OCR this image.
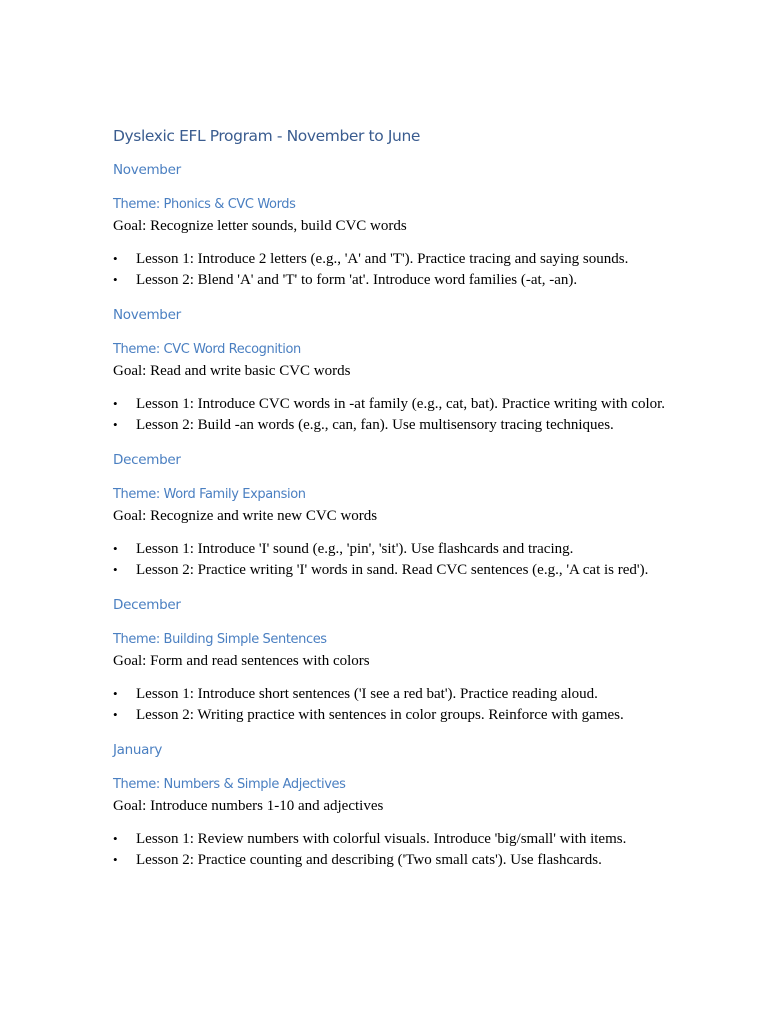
Dyslexic EFL Program - November to June
November
Theme: Phonics & CVC Words
Goal: Recognize letter sounds, build CVC words
• Lesson 1: Introduce 2 letters (e.g., 'A' and 'T'). Practice tracing and saying sounds.
• Lesson 2: Blend 'A' and 'T' to form 'at'. Introduce word families (-at, -an).
November
Theme: CVC Word Recognition
Goal: Read and write basic CVC words
• Lesson 1: Introduce CVC words in -at family (e.g., cat, bat). Practice writing with color.
• Lesson 2: Build -an words (e.g., can, fan). Use multisensory tracing techniques.
December
Theme: Word Family Expansion
Goal: Recognize and write new CVC words
• Lesson 1: Introduce 'I' sound (e.g., 'pin', 'sit'). Use flashcards and tracing.
• Lesson 2: Practice writing 'I' words in sand. Read CVC sentences (e.g., 'A cat is red').
December
Theme: Building Simple Sentences
Goal: Form and read sentences with colors
• Lesson 1: Introduce short sentences ('I see a red bat'). Practice reading aloud.
• Lesson 2: Writing practice with sentences in color groups. Reinforce with games.
January
Theme: Numbers & Simple Adjectives
Goal: Introduce numbers 1-10 and adjectives
• Lesson 1: Review numbers with colorful visuals. Introduce 'big/small' with items.
• Lesson 2: Practice counting and describing ('Two small cats'). Use flashcards.
